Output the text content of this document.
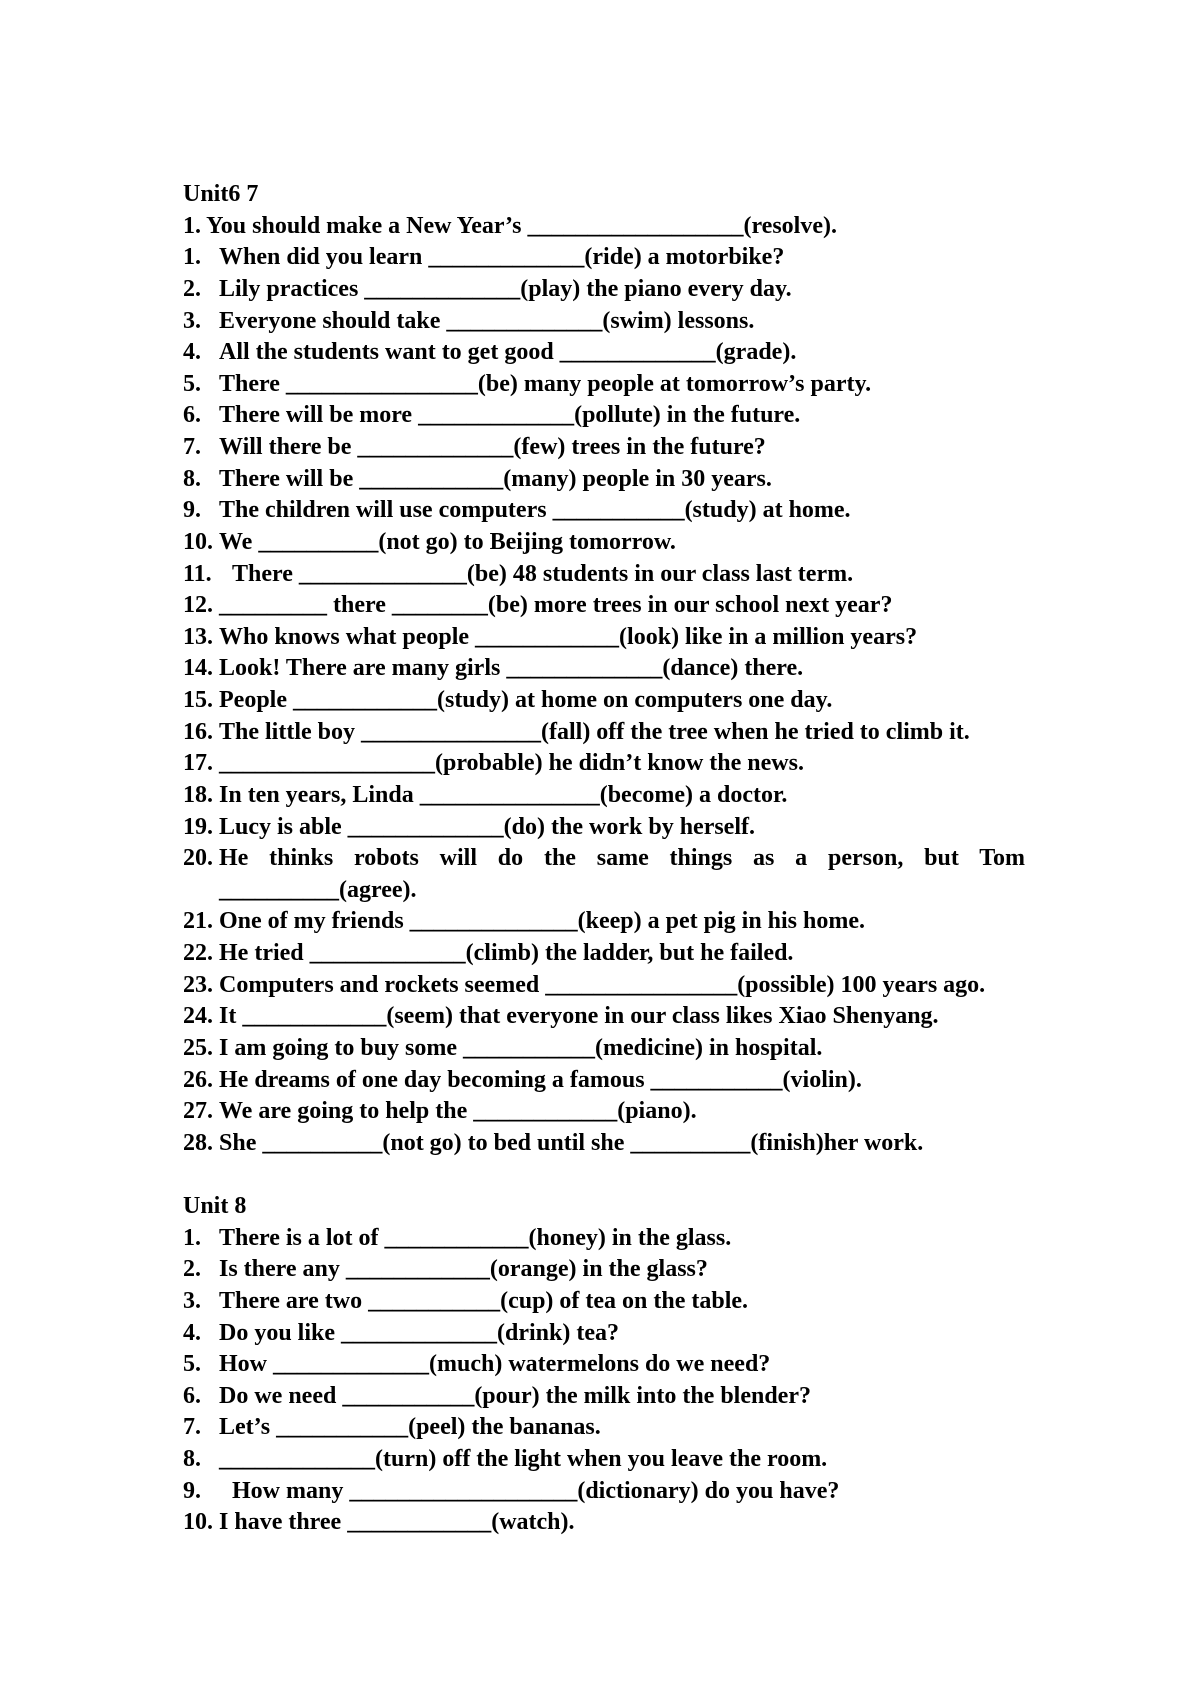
Unit6 7
1. You should make a New Year’s __________________(resolve).
1. When did you learn _____________(ride) a motorbike?
2. Lily practices _____________(play) the piano every day.
3. Everyone should take _____________(swim) lessons.
4. All the students want to get good _____________(grade).
5. There ________________(be) many people at tomorrow’s party.
6. There will be more _____________(pollute) in the future.
7. Will there be _____________(few) trees in the future?
8. There will be ____________(many) people in 30 years.
9. The children will use computers ___________(study) at home.
10. We __________(not go) to Beijing tomorrow.
11. There ______________(be) 48 students in our class last term.
12. _________ there ________(be) more trees in our school next year?
13. Who knows what people ____________(look) like in a million years?
14. Look! There are many girls _____________(dance) there.
15. People ____________(study) at home on computers one day.
16. The little boy _______________(fall) off the tree when he tried to climb it.
17. __________________(probable) he didn’t know the news.
18. In ten years, Linda _______________(become) a doctor.
19. Lucy is able _____________(do) the work by herself.
20. He thinks robots will do the same things as a person, but Tom
__________(agree).
21. One of my friends ______________(keep) a pet pig in his home.
22. He tried _____________(climb) the ladder, but he failed.
23. Computers and rockets seemed ________________(possible) 100 years ago.
24. It ____________(seem) that everyone in our class likes Xiao Shenyang.
25. I am going to buy some ___________(medicine) in hospital.
26. He dreams of one day becoming a famous ___________(violin).
27. We are going to help the ____________(piano).
28. She __________(not go) to bed until she __________(finish)her work.
Unit 8
1. There is a lot of ____________(honey) in the glass.
2. Is there any ____________(orange) in the glass?
3. There are two ___________(cup) of tea on the table.
4. Do you like _____________(drink) tea?
5. How _____________(much) watermelons do we need?
6. Do we need ___________(pour) the milk into the blender?
7. Let’s ___________(peel) the bananas.
8. _____________(turn) off the light when you leave the room.
9.	How many ___________________(dictionary) do you have?
10. I have three ____________(watch).
